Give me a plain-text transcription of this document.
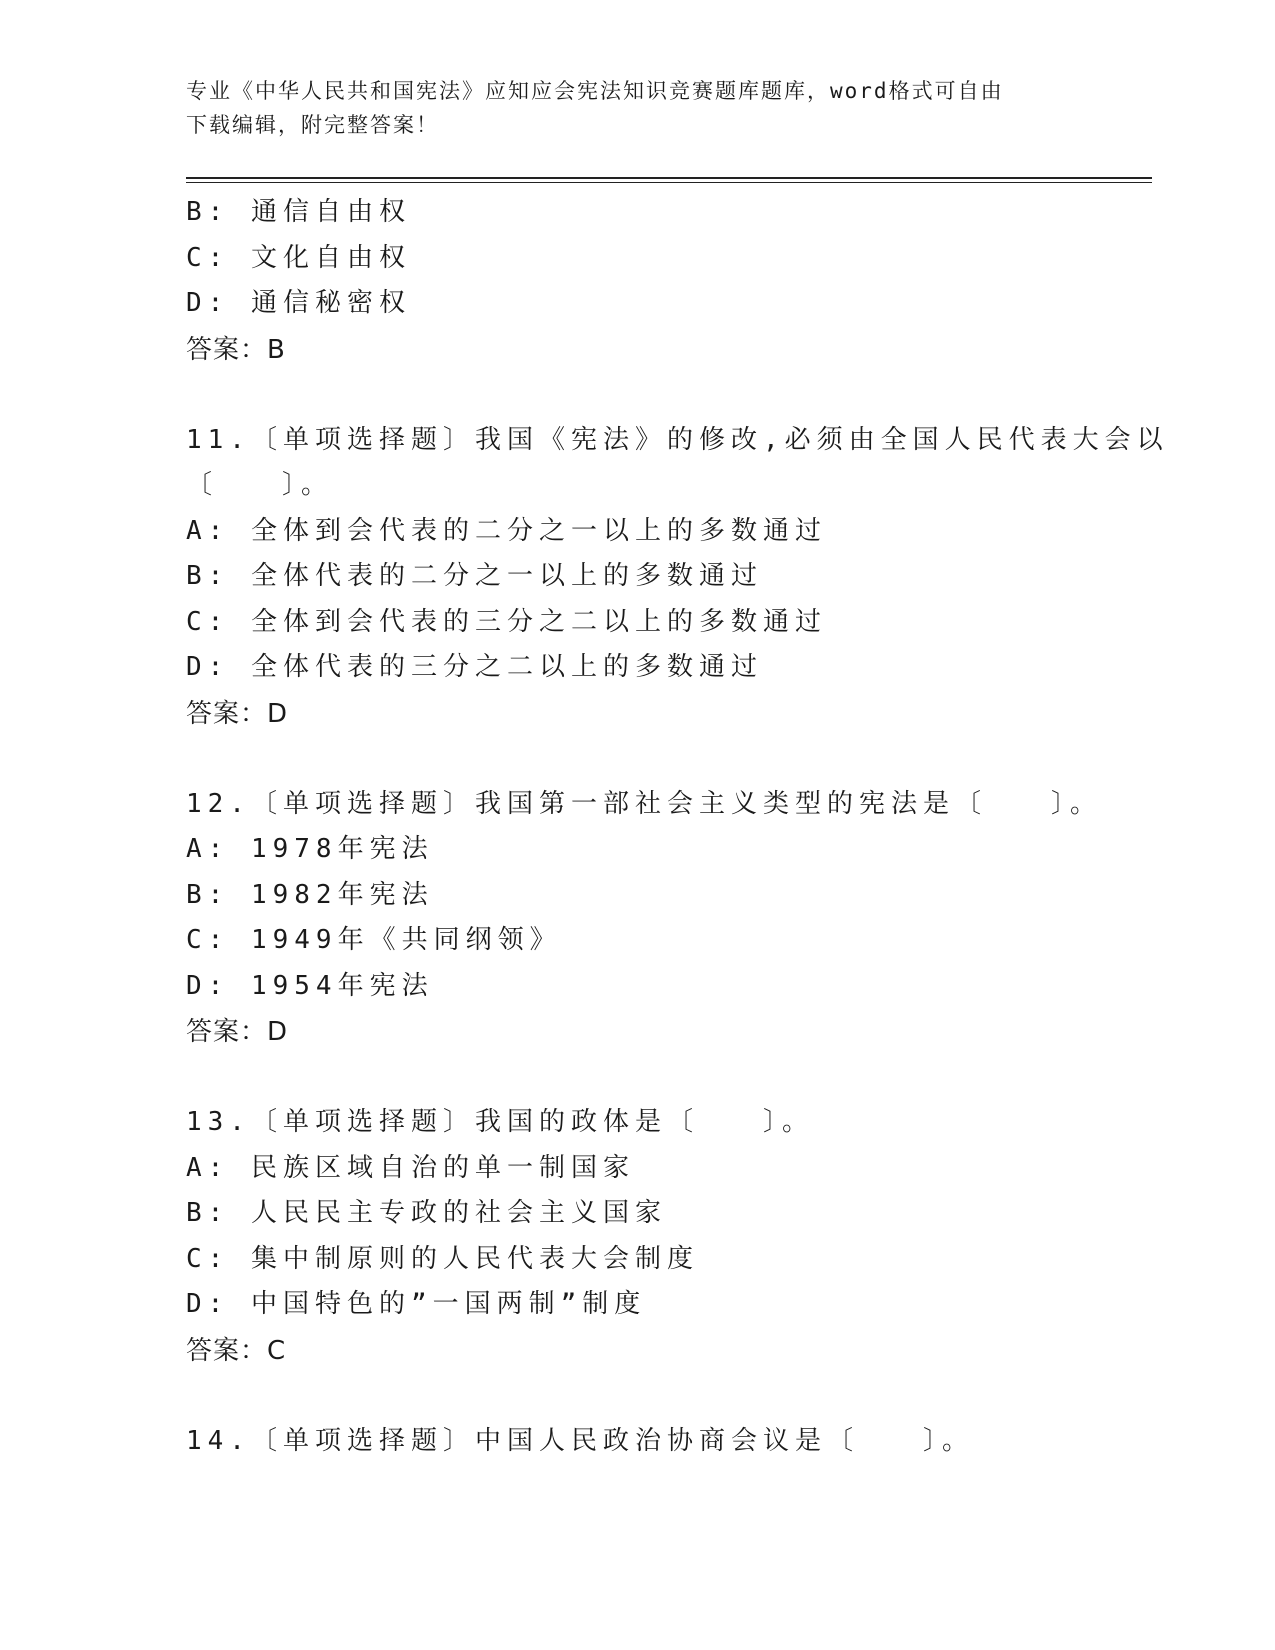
专业《中华人民共和国宪法》应知应会宪法知识竞赛题库题库，word格式可自由
下载编辑，附完整答案！
B: 通信自由权
C: 文化自由权
D: 通信秘密权
答案：B
11.〔单项选择题〕我国《宪法》的修改,必须由全国人民代表大会以
〔　　〕。
A: 全体到会代表的二分之一以上的多数通过
B: 全体代表的二分之一以上的多数通过
C: 全体到会代表的三分之二以上的多数通过
D: 全体代表的三分之二以上的多数通过
答案：D
12.〔单项选择题〕我国第一部社会主义类型的宪法是〔　　〕。
A: 1978年宪法
B: 1982年宪法
C: 1949年《共同纲领》
D: 1954年宪法
答案：D
13.〔单项选择题〕我国的政体是〔　　〕。
A: 民族区域自治的单一制国家
B: 人民民主专政的社会主义国家
C: 集中制原则的人民代表大会制度
D: 中国特色的”一国两制”制度
答案：C
14.〔单项选择题〕中国人民政治协商会议是〔　　〕。
